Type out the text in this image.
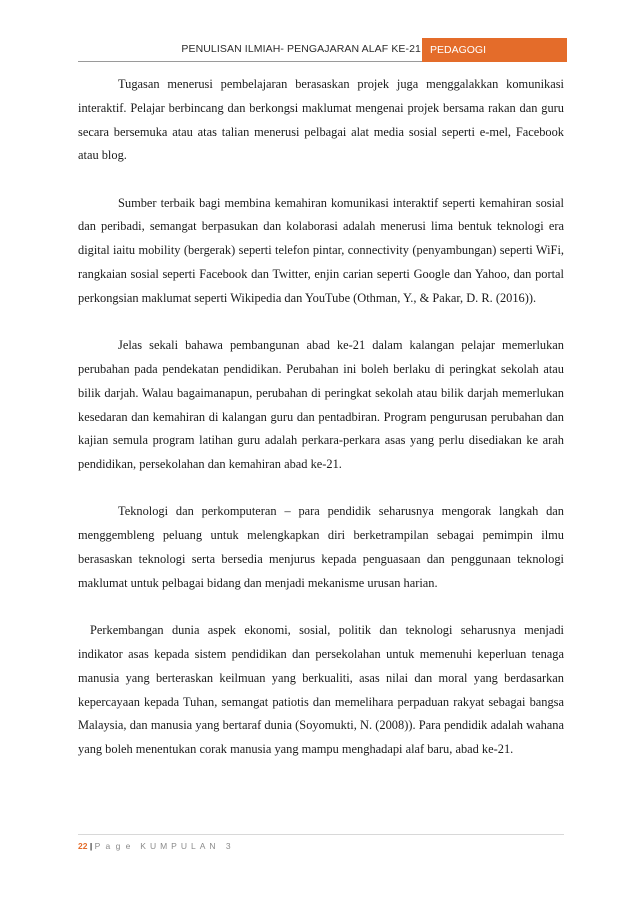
PENULISAN ILMIAH- PENGAJARAN ALAF KE-21 PEDAGOGI

Tugasan menerusi pembelajaran berasaskan projek juga menggalakkan komunikasi interaktif. Pelajar berbincang dan berkongsi maklumat mengenai projek bersama rakan dan guru secara bersemuka atau atas talian menerusi pelbagai alat media sosial seperti e-mel, Facebook atau blog.

Sumber terbaik bagi membina kemahiran komunikasi interaktif seperti kemahiran sosial dan peribadi, semangat berpasukan dan kolaborasi adalah menerusi lima bentuk teknologi era digital iaitu mobility (bergerak) seperti telefon pintar, connectivity (penyambungan) seperti WiFi, rangkaian sosial seperti Facebook dan Twitter, enjin carian seperti Google dan Yahoo, dan portal perkongsian maklumat seperti Wikipedia dan YouTube (Othman, Y., & Pakar, D. R. (2016)).

Jelas sekali bahawa pembangunan abad ke-21 dalam kalangan pelajar memerlukan perubahan pada pendekatan pendidikan. Perubahan ini boleh berlaku di peringkat sekolah atau bilik darjah. Walau bagaimanapun, perubahan di peringkat sekolah atau bilik darjah memerlukan kesedaran dan kemahiran di kalangan guru dan pentadbiran. Program pengurusan perubahan dan kajian semula program latihan guru adalah perkara-perkara asas yang perlu disediakan ke arah pendidikan, persekolahan dan kemahiran abad ke-21.

Teknologi dan perkomputeran – para pendidik seharusnya mengorak langkah dan menggembleng peluang untuk melengkapkan diri berketrampilan sebagai pemimpin ilmu berasaskan teknologi serta bersedia menjurus kepada penguasaan dan penggunaan teknologi maklumat untuk pelbagai bidang dan menjadi mekanisme urusan harian.

Perkembangan dunia aspek ekonomi, sosial, politik dan teknologi seharusnya menjadi indikator asas kepada sistem pendidikan dan persekolahan untuk memenuhi keperluan tenaga manusia yang berteraskan keilmuan yang berkualiti, asas nilai dan moral yang berdasarkan kepercayaan kepada Tuhan, semangat patiotis dan memelihara perpaduan rakyat sebagai bangsa Malaysia, dan manusia yang bertaraf dunia (Soyomukti, N. (2008)). Para pendidik adalah wahana yang boleh menentukan corak manusia yang mampu menghadapi alaf baru, abad ke-21.

22 | P a g e KUMPULAN 3
